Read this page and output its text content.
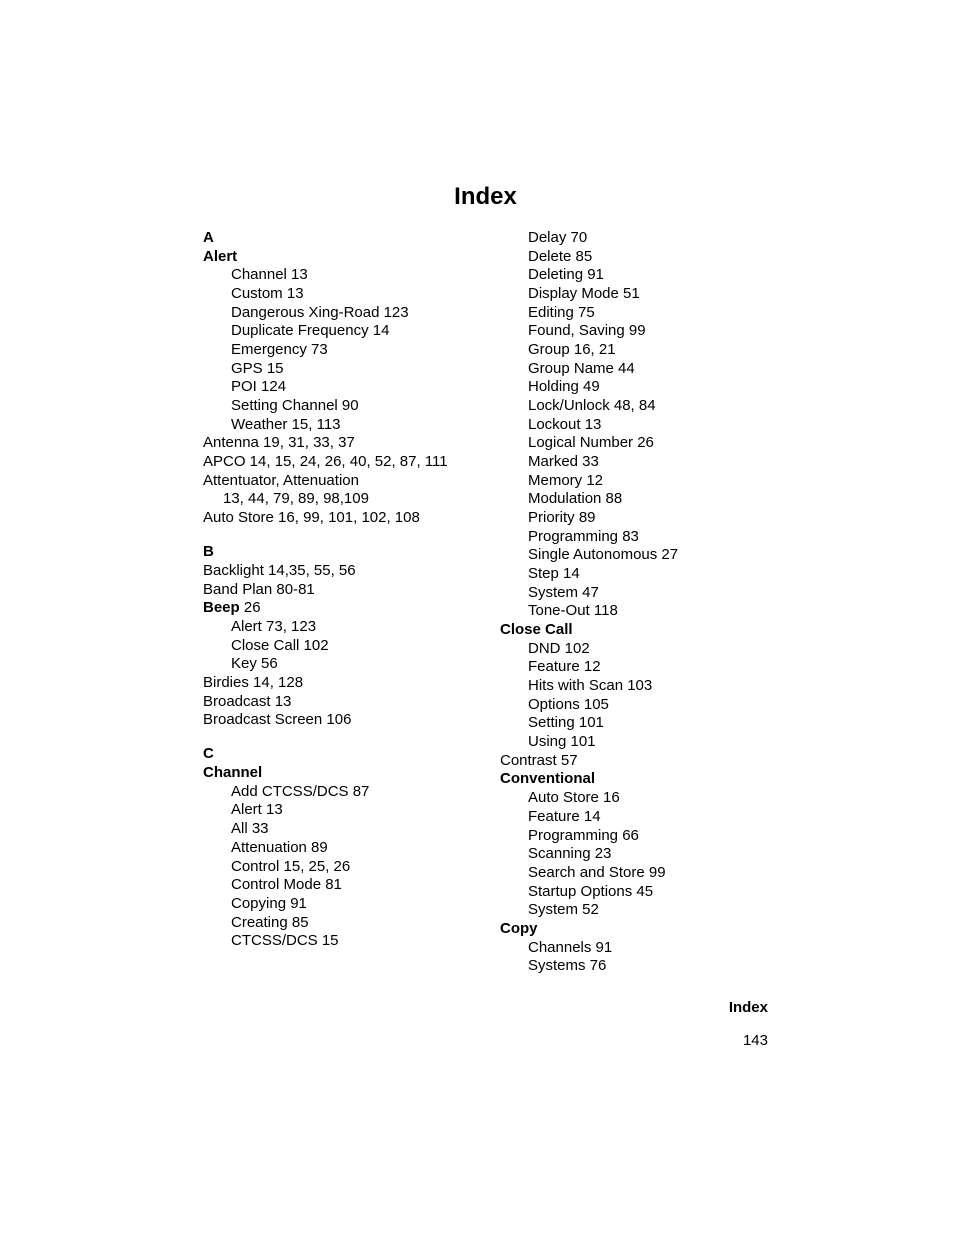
Index
A
Alert
Channel 13
Custom 13
Dangerous Xing-Road 123
Duplicate Frequency 14
Emergency 73
GPS 15
POI 124
Setting Channel 90
Weather 15, 113
Antenna 19, 31, 33, 37
APCO 14, 15, 24, 26, 40, 52, 87, 111
Attentuator, Attenuation
13, 44, 79, 89, 98,109
Auto Store 16, 99, 101, 102, 108
B
Backlight 14,35, 55, 56
Band Plan 80-81
Beep 26
Alert 73, 123
Close Call 102
Key 56
Birdies 14, 128
Broadcast 13
Broadcast Screen 106
C
Channel
Add CTCSS/DCS 87
Alert 13
All 33
Attenuation 89
Control 15, 25, 26
Control Mode 81
Copying 91
Creating 85
CTCSS/DCS 15
Delay 70
Delete 85
Deleting 91
Display Mode 51
Editing 75
Found, Saving 99
Group 16, 21
Group Name 44
Holding 49
Lock/Unlock 48, 84
Lockout 13
Logical Number 26
Marked 33
Memory 12
Modulation 88
Priority 89
Programming 83
Single Autonomous 27
Step 14
System 47
Tone-Out 118
Close Call
DND 102
Feature 12
Hits with Scan 103
Options 105
Setting 101
Using 101
Contrast 57
Conventional
Auto Store 16
Feature 14
Programming 66
Scanning 23
Search and Store 99
Startup Options 45
System 52
Copy
Channels 91
Systems 76
Index
143
